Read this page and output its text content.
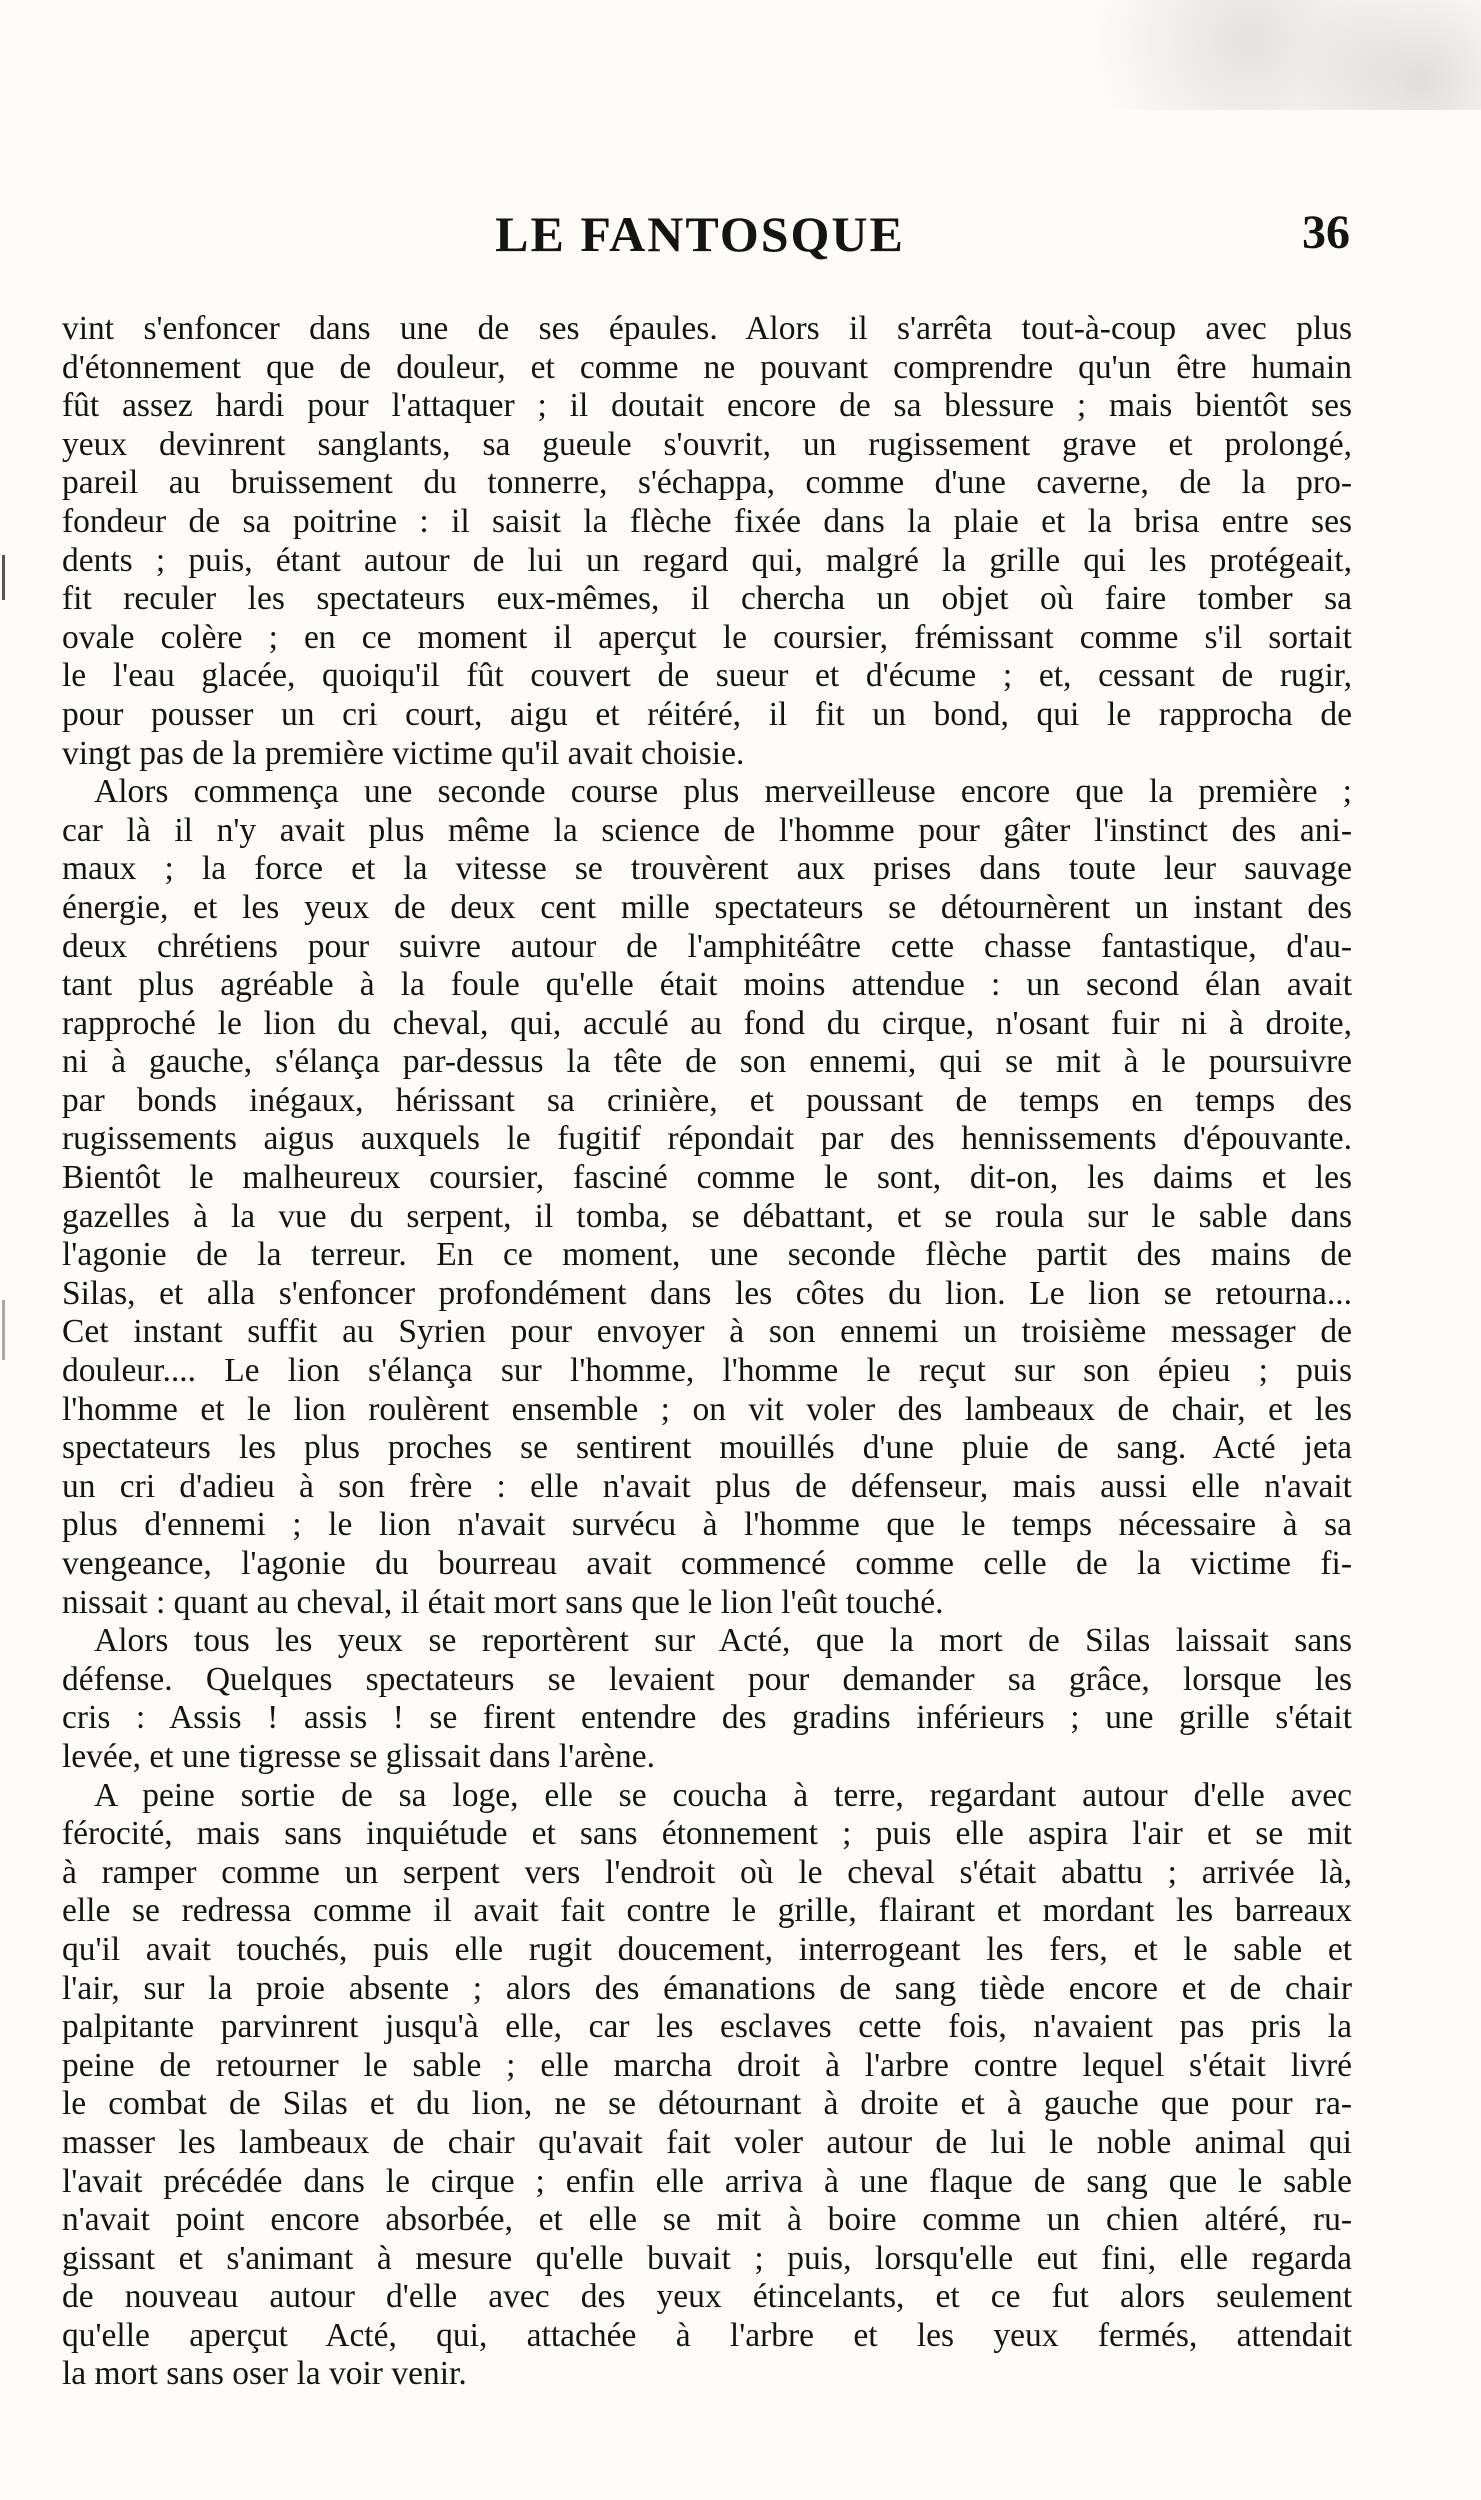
LE FANTOSQUE	36
vint s'enfoncer dans une de ses épaules. Alors il s'arrêta tout-à-coup avec plus
d'étonnement que de douleur, et comme ne pouvant comprendre qu'un être humain
fût assez hardi pour l'attaquer ; il doutait encore de sa blessure ; mais bientôt ses
yeux devinrent sanglants, sa gueule s'ouvrit, un rugissement grave et prolongé,
pareil au bruissement du tonnerre, s'échappa, comme d'une caverne, de la pro-
fondeur de sa poitrine : il saisit la flèche fixée dans la plaie et la brisa entre ses
dents ; puis, étant autour de lui un regard qui, malgré la grille qui les protégeait,
fit reculer les spectateurs eux-mêmes, il chercha un objet où faire tomber sa
ovale colère ; en ce moment il aperçut le coursier, frémissant comme s'il sortait
le l'eau glacée, quoiqu'il fût couvert de sueur et d'écume ; et, cessant de rugir,
pour pousser un cri court, aigu et réitéré, il fit un bond, qui le rapprocha de
vingt pas de la première victime qu'il avait choisie.
Alors commença une seconde course plus merveilleuse encore que la première ;
car là il n'y avait plus même la science de l'homme pour gâter l'instinct des ani-
maux ; la force et la vitesse se trouvèrent aux prises dans toute leur sauvage
énergie, et les yeux de deux cent mille spectateurs se détournèrent un instant des
deux chrétiens pour suivre autour de l'amphitéâtre cette chasse fantastique, d'au-
tant plus agréable à la foule qu'elle était moins attendue : un second élan avait
rapproché le lion du cheval, qui, acculé au fond du cirque, n'osant fuir ni à droite,
ni à gauche, s'élança par-dessus la tête de son ennemi, qui se mit à le poursuivre
par bonds inégaux, hérissant sa crinière, et poussant de temps en temps des
rugissements aigus auxquels le fugitif répondait par des hennissements d'épouvante.
Bientôt le malheureux coursier, fasciné comme le sont, dit-on, les daims et les
gazelles à la vue du serpent, il tomba, se débattant, et se roula sur le sable dans
l'agonie de la terreur. En ce moment, une seconde flèche partit des mains de
Silas, et alla s'enfoncer profondément dans les côtes du lion. Le lion se retourna...
Cet instant suffit au Syrien pour envoyer à son ennemi un troisième messager de
douleur.... Le lion s'élança sur l'homme, l'homme le reçut sur son épieu ; puis
l'homme et le lion roulèrent ensemble ; on vit voler des lambeaux de chair, et les
spectateurs les plus proches se sentirent mouillés d'une pluie de sang. Acté jeta
un cri d'adieu à son frère : elle n'avait plus de défenseur, mais aussi elle n'avait
plus d'ennemi ; le lion n'avait survécu à l'homme que le temps nécessaire à sa
vengeance, l'agonie du bourreau avait commencé comme celle de la victime fi-
nissait : quant au cheval, il était mort sans que le lion l'eût touché.
Alors tous les yeux se reportèrent sur Acté, que la mort de Silas laissait sans
défense. Quelques spectateurs se levaient pour demander sa grâce, lorsque les
cris : Assis ! assis ! se firent entendre des gradins inférieurs ; une grille s'était
levée, et une tigresse se glissait dans l'arène.
A peine sortie de sa loge, elle se coucha à terre, regardant autour d'elle avec
férocité, mais sans inquiétude et sans étonnement ; puis elle aspira l'air et se mit
à ramper comme un serpent vers l'endroit où le cheval s'était abattu ; arrivée là,
elle se redressa comme il avait fait contre le grille, flairant et mordant les barreaux
qu'il avait touchés, puis elle rugit doucement, interrogeant les fers, et le sable et
l'air, sur la proie absente ; alors des émanations de sang tiède encore et de chair
palpitante parvinrent jusqu'à elle, car les esclaves cette fois, n'avaient pas pris la
peine de retourner le sable ; elle marcha droit à l'arbre contre lequel s'était livré
le combat de Silas et du lion, ne se détournant à droite et à gauche que pour ra-
masser les lambeaux de chair qu'avait fait voler autour de lui le noble animal qui
l'avait précédée dans le cirque ; enfin elle arriva à une flaque de sang que le sable
n'avait point encore absorbée, et elle se mit à boire comme un chien altéré, ru-
gissant et s'animant à mesure qu'elle buvait ; puis, lorsqu'elle eut fini, elle regarda
de nouveau autour d'elle avec des yeux étincelants, et ce fut alors seulement
qu'elle aperçut Acté, qui, attachée à l'arbre et les yeux fermés, attendait
la mort sans oser la voir venir.
